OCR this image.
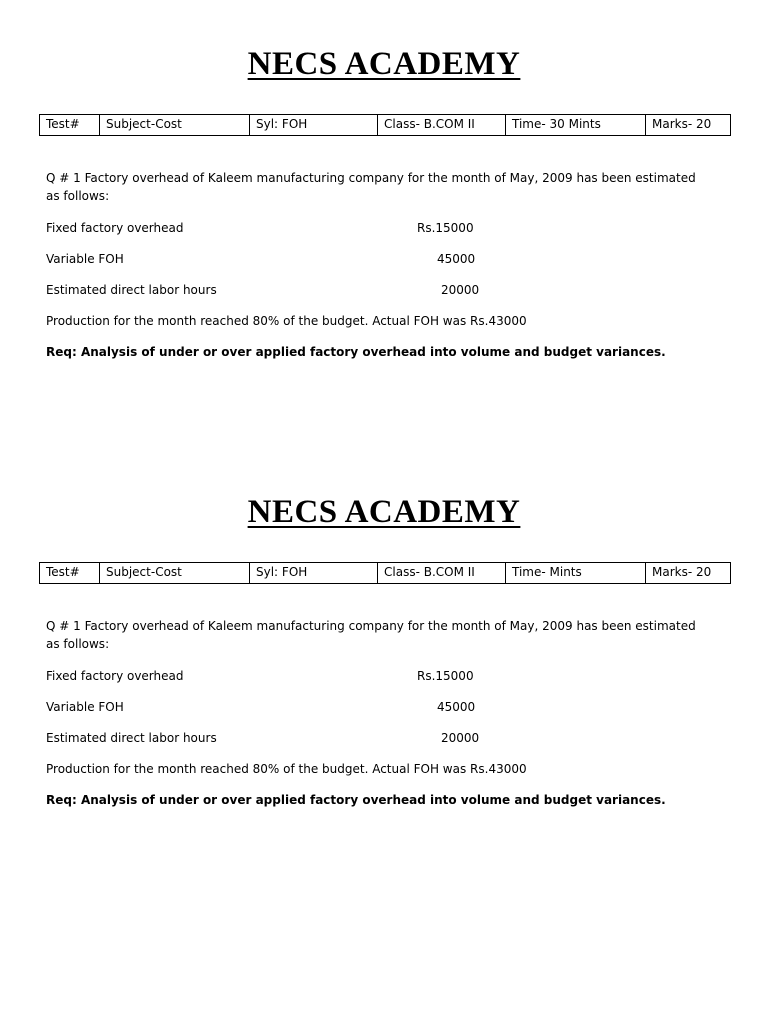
NECS ACADEMY
Test#	Subject-Cost	Syl: FOH	Class- B.COM II	Time- 30 Mints	Marks- 20
Q # 1 Factory overhead of Kaleem manufacturing company for the month of May, 2009 has been estimated as follows:
Fixed factory overhead	Rs.15000
Variable FOH	45000
Estimated direct labor hours	20000
Production for the month reached 80% of the budget. Actual FOH was Rs.43000
Req: Analysis of under or over applied factory overhead into volume and budget variances.
NECS ACADEMY
Test#	Subject-Cost	Syl: FOH	Class- B.COM II	Time- Mints	Marks- 20
Q # 1 Factory overhead of Kaleem manufacturing company for the month of May, 2009 has been estimated as follows:
Fixed factory overhead	Rs.15000
Variable FOH	45000
Estimated direct labor hours	20000
Production for the month reached 80% of the budget. Actual FOH was Rs.43000
Req: Analysis of under or over applied factory overhead into volume and budget variances.
